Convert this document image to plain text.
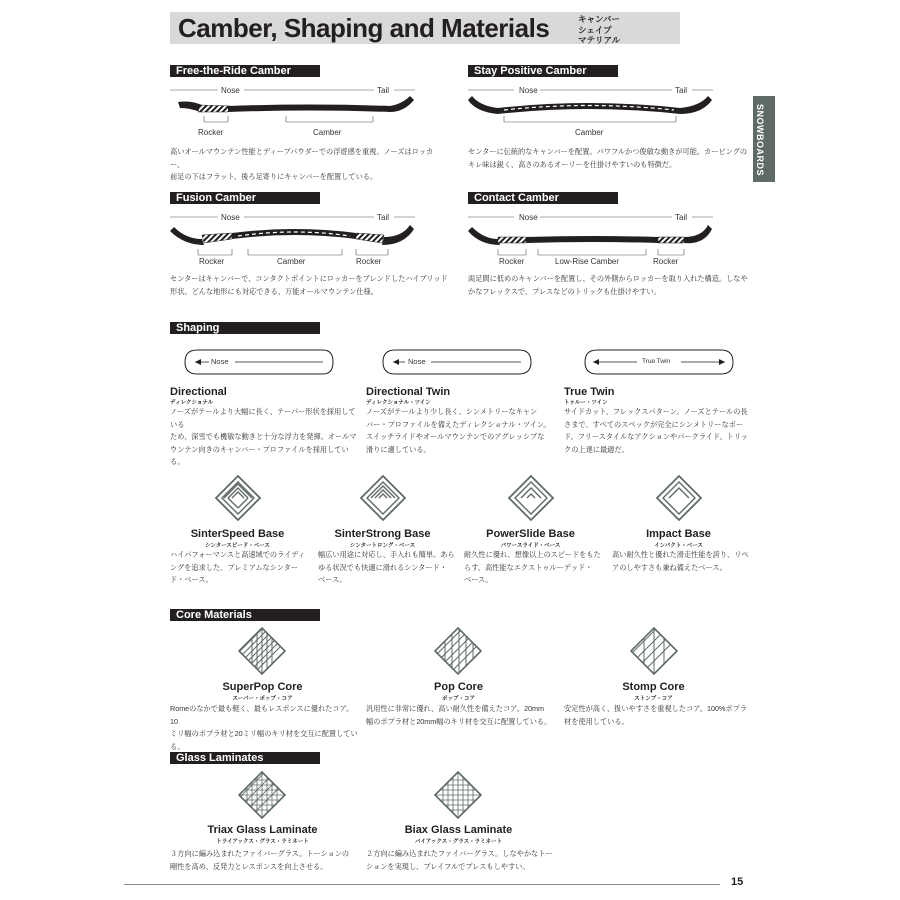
Camber, Shaping and Materials	キャンバー
シェイプ
マテリアル
SNOWBOARDS
Free-the-Ride Camber
Nose	Tail
Rocker	Camber
高いオールマウンテン性能とディープパウダーでの浮遊感を重視。ノーズはロッカー、
前足の下はフラット、後ろ足寄りにキャンバーを配置している。
Stay Positive Camber
Nose	Tail
Camber
センターに伝統的なキャンバーを配置。パワフルかつ俊敏な動きが可能。カービングの
キレ味は鋭く、高さのあるオーリーを仕掛けやすいのも特徴だ。
Fusion Camber
Nose	Tail
Rocker	Camber	Rocker
センターはキャンバーで、コンタクトポイントにロッカーをブレンドしたハイブリッド
形状。どんな地形にも対応できる、万能オールマウンテン仕様。
Contact Camber
Nose	Tail
Rocker	Low-Rise Camber	Rocker
両足間に低めのキャンバーを配置し、その外側からロッカーを取り入れた構造。しなや
かなフレックスで、プレスなどのトリックも仕掛けやすい。
Shaping
Nose	Nose	True Twin
Directional
ディレクショナル
ノーズがテールより大幅に長く、テーパー形状を採用している
ため、深雪でも機敏な動きと十分な浮力を発揮。オールマ
ウンテン向きのキャンバー・プロファイルを採用している。
Directional Twin
ディレクショナル・ツイン
ノーズがテールより少し長く、シンメトリーなキャン
バー・プロファイルを備えたディレクショナル・ツイン。
スイッチライドやオールマウンテンでのアグレッシブな
滑りに適している。
True Twin
トゥルー・ツイン
サイドカット、フレックスパターン、ノーズとテールの長
さまで、すべてのスペックが完全にシンメトリーなボー
ド。フリースタイルなアクションやパークライド、トリッ
クの上達に最適だ。
SinterSpeed Base
シンタースピード・ベース
ハイパフォーマンスと高速域でのライディ
ングを追求した、プレミアムなシンター
ド・ベース。
SinterStrong Base
シンタートロング・ベース
幅広い用途に対応し、手入れも簡単。あら
ゆる状況でも快適に滑れるシンタード・
ベース。
PowerSlide Base
パワースライド・ベース
耐久性に優れ、想像以上のスピードをもた
らす、高性能なエクストゥルーデッド・
ベース。
Impact Base
インパクト・ベース
高い耐久性と優れた滑走性能を誇り、リペ
アのしやすさも兼ね備えたベース。
Core Materials
SuperPop Core
スーパー・ポップ・コア
Romeのなかで最も軽く、最もレスポンスに優れたコア。10
ミリ幅のポプラ材と20ミリ幅のキリ材を交互に配置している。
Pop Core
ポップ・コア
汎用性に非常に優れ、高い耐久性を備えたコア。20mm
幅のポプラ材と20mm幅のキリ材を交互に配置している。
Stomp Core
ストンプ・コア
安定性が高く、扱いやすさを重視したコア。100%ポプラ
材を使用している。
Glass Laminates
Triax Glass Laminate
トライアックス・グラス・ラミネート
３方向に編み込まれたファイバーグラス。トーションの
剛性を高め、反発力とレスポンスを向上させる。
Biax Glass Laminate
バイアックス・グラス・ラミネート
２方向に編み込まれたファイバーグラス。しなやかなトー
ションを実現し、プレイフルでプレスもしやすい。
15
